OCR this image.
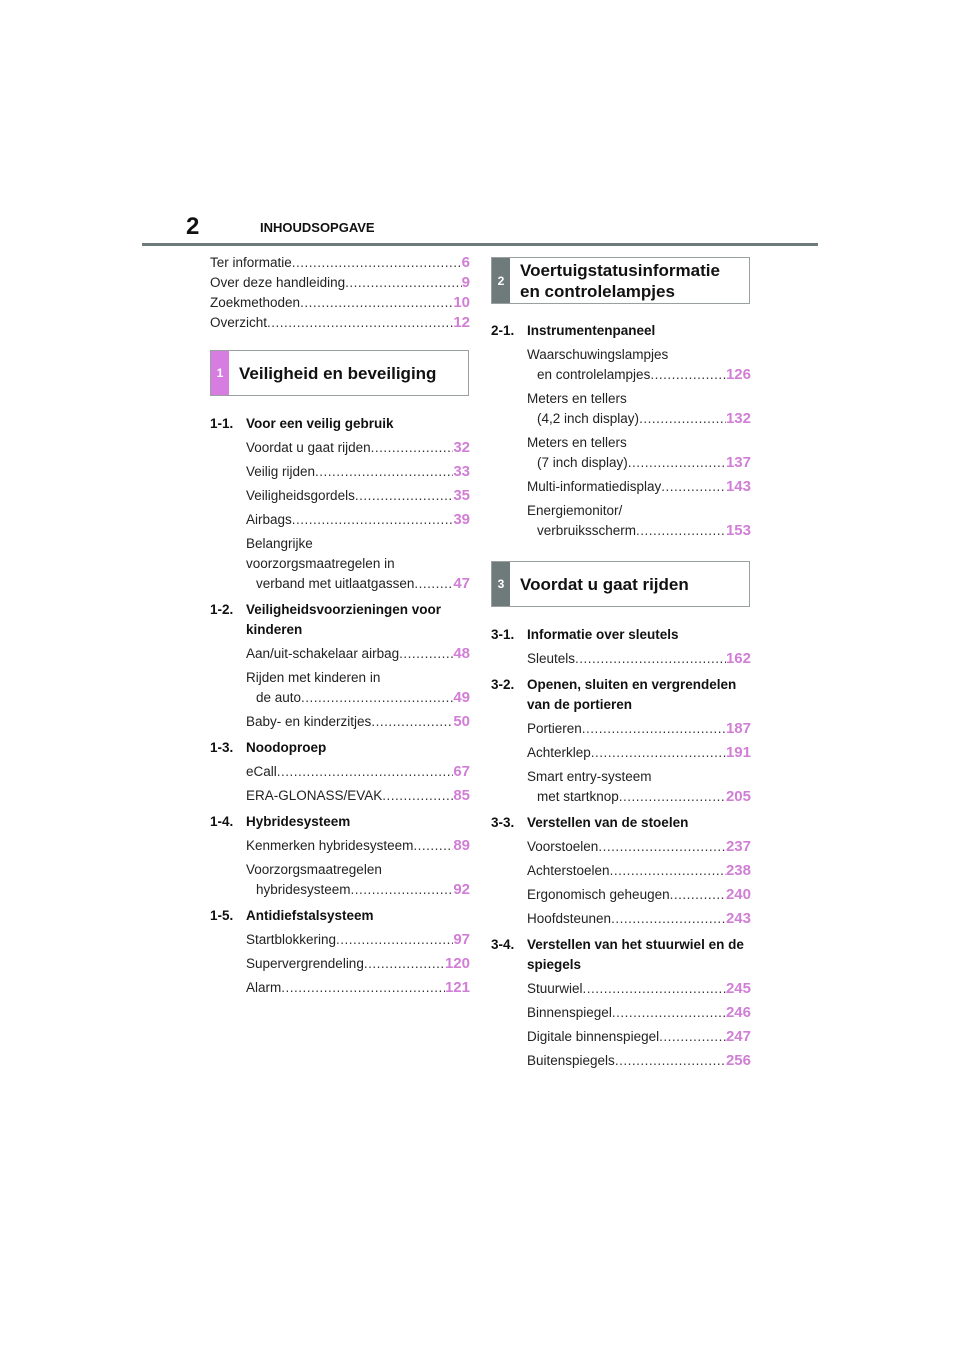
2	INHOUDSOPGAVE
Ter informatie .....	6
Over deze handleiding .....	9
Zoekmethoden .....	10
Overzicht .....	12
1 Veiligheid en beveiliging
1-1. Voor een veilig gebruik
Voordat u gaat rijden .....	32
Veilig rijden .....	33
Veiligheidsgordels .....	35
Airbags .....	39
Belangrijke
voorzorgsmaatregelen in
verband met uitlaatgassen .....	47
1-2. Veiligheidsvoorzieningen voor kinderen
Aan/uit-schakelaar airbag .....	48
Rijden met kinderen in
de auto .....	49
Baby- en kinderzitjes .....	50
1-3. Noodoproep
eCall .....	67
ERA-GLONASS/EVAK .....	85
1-4. Hybridesysteem
Kenmerken hybridesysteem .....	89
Voorzorgsmaatregelen
hybridesysteem .....	92
1-5. Antidiefstalsysteem
Startblokkering .....	97
Supervergrendeling .....	120
Alarm .....	121
2
Voertuigstatusinformatie en controlelampjes
2-1. Instrumentenpaneel
Waarschuwingslampjes
en controlelampjes .....	126
Meters en tellers
(4,2 inch display) .....	132
Meters en tellers
(7 inch display) .....	137
Multi-informatiedisplay .....	143
Energiemonitor/
verbruiksscherm .....	153
3 Voordat u gaat rijden
3-1. Informatie over sleutels
Sleutels .....	162
3-2. Openen, sluiten en vergrendelen van de portieren
Portieren .....	187
Achterklep .....	191
Smart entry-systeem
met startknop .....	205
3-3. Verstellen van de stoelen
Voorstoelen .....	237
Achterstoelen .....	238
Ergonomisch geheugen .....	240
Hoofdsteunen .....	243
3-4. Verstellen van het stuurwiel en de spiegels
Stuurwiel .....	245
Binnenspiegel .....	246
Digitale binnenspiegel .....	247
Buitenspiegels .....	256
